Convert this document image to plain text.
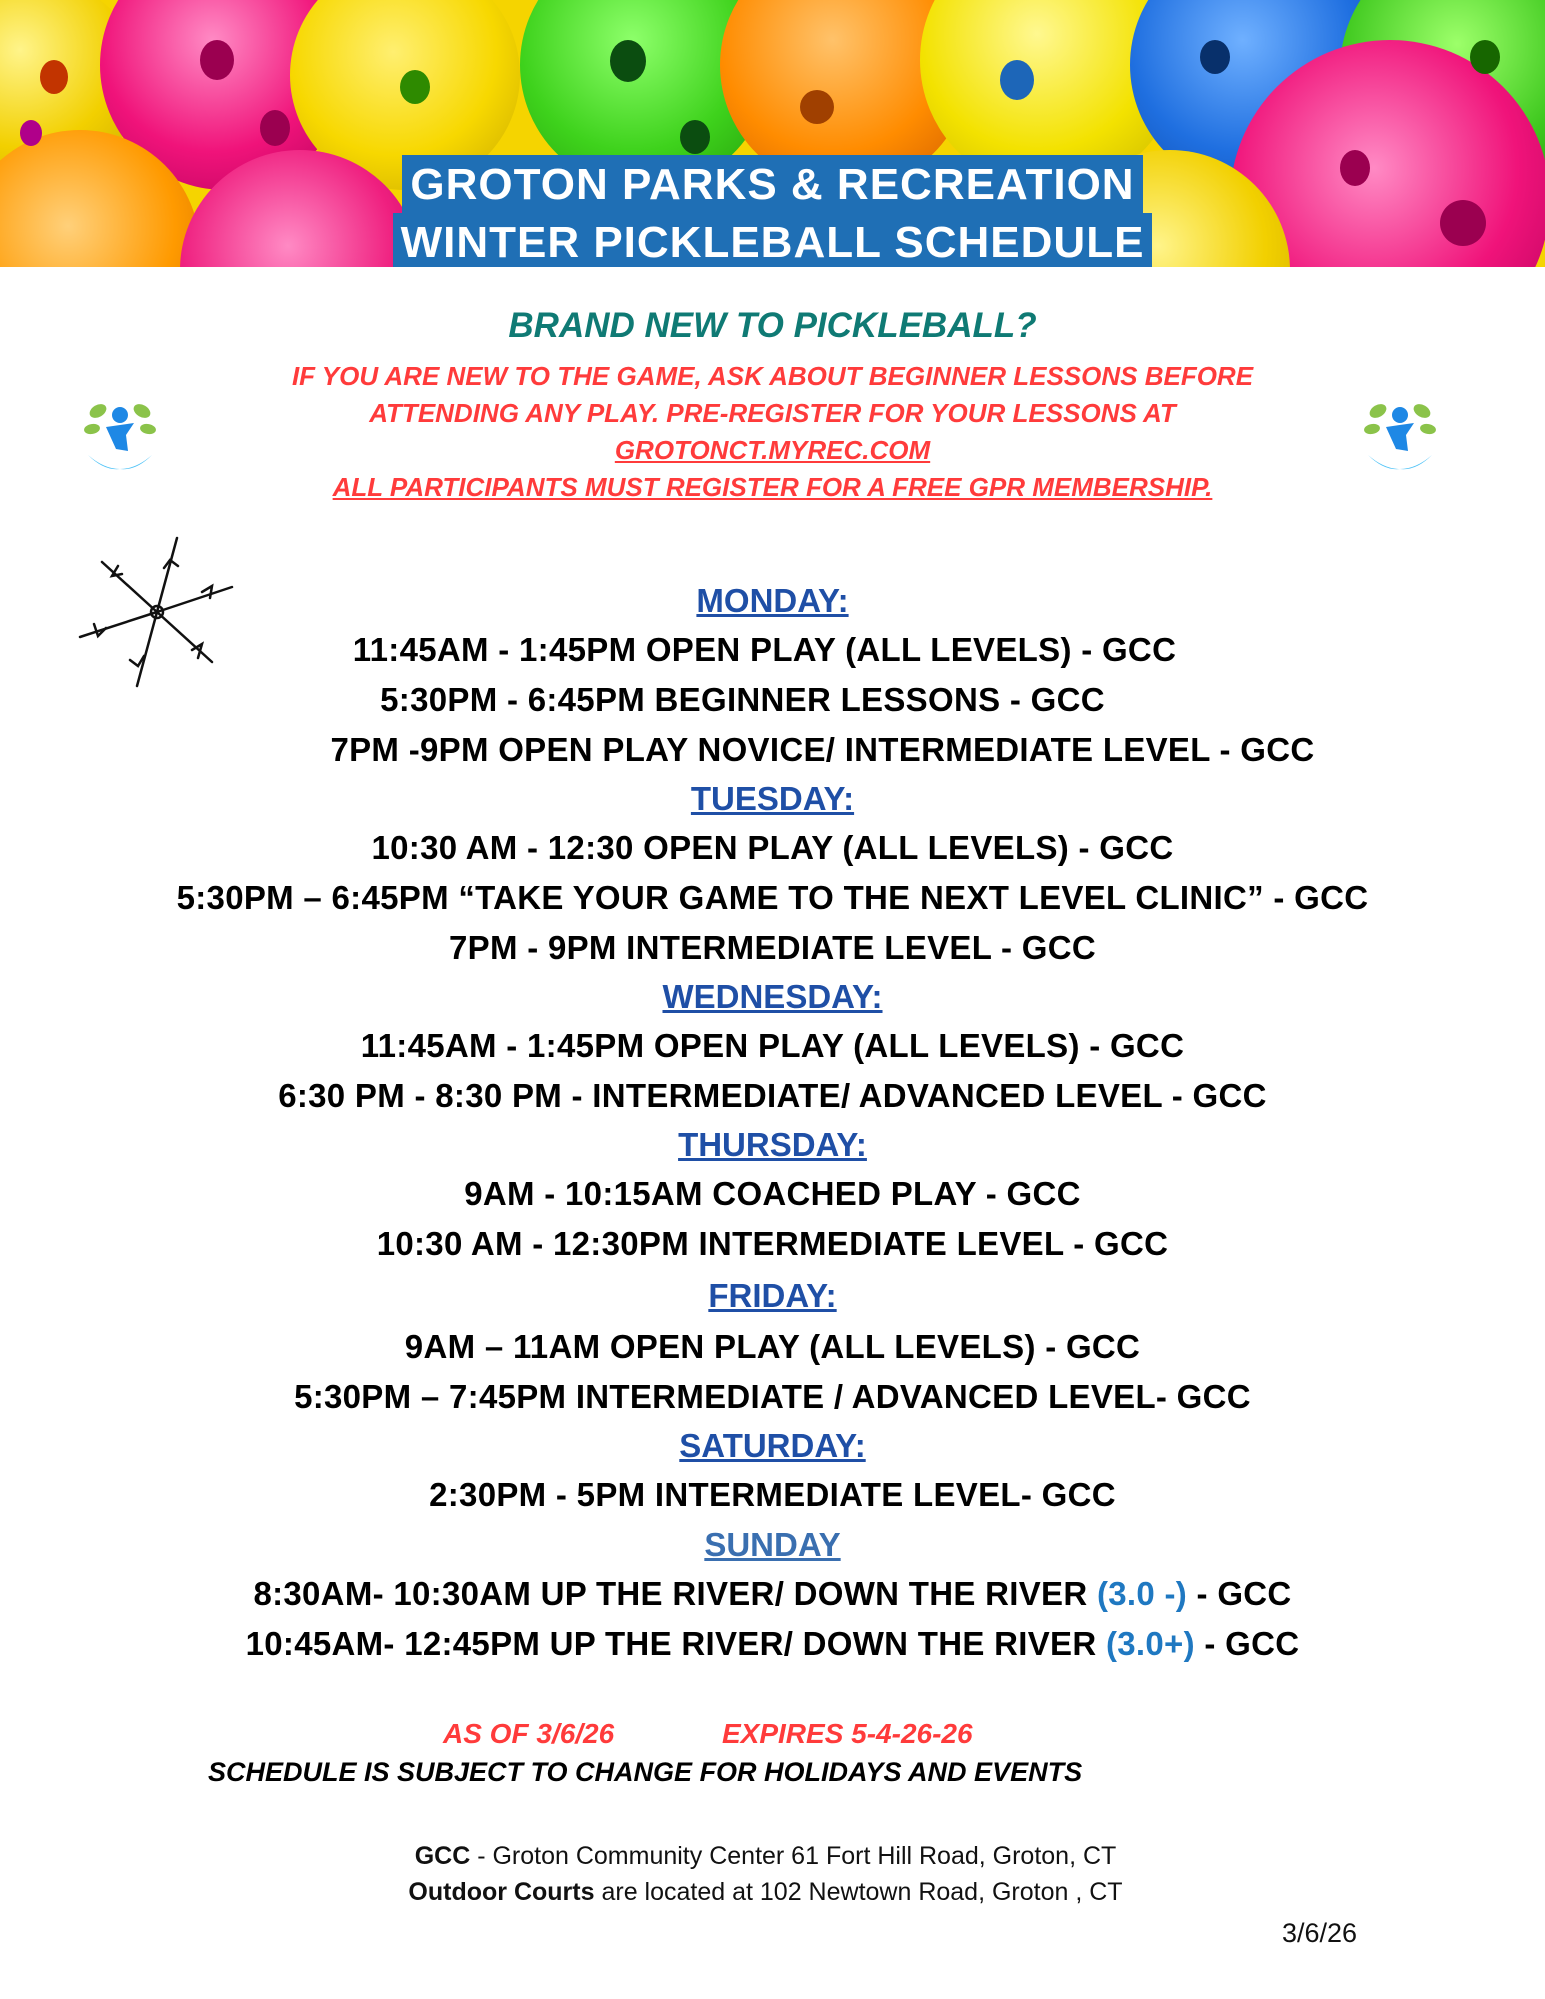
GROTON PARKS & RECREATION
WINTER PICKLEBALL SCHEDULE
BRAND NEW TO PICKLEBALL?
IF YOU ARE NEW TO THE GAME, ASK ABOUT BEGINNER LESSONS BEFORE
ATTENDING ANY PLAY. PRE-REGISTER FOR YOUR LESSONS AT
GROTONCT.MYREC.COM
ALL PARTICIPANTS MUST REGISTER FOR A FREE GPR MEMBERSHIP.
MONDAY:
11:45AM - 1:45PM OPEN PLAY (ALL LEVELS) - GCC
5:30PM - 6:45PM BEGINNER LESSONS - GCC
7PM -9PM OPEN PLAY NOVICE/ INTERMEDIATE LEVEL - GCC
TUESDAY:
10:30 AM - 12:30 OPEN PLAY (ALL LEVELS) - GCC
5:30PM – 6:45PM “TAKE YOUR GAME TO THE NEXT LEVEL CLINIC” - GCC
7PM - 9PM INTERMEDIATE LEVEL - GCC
WEDNESDAY:
11:45AM - 1:45PM OPEN PLAY (ALL LEVELS) - GCC
6:30 PM - 8:30 PM - INTERMEDIATE/ ADVANCED LEVEL - GCC
THURSDAY:
9AM - 10:15AM COACHED PLAY - GCC
10:30 AM - 12:30PM INTERMEDIATE LEVEL - GCC
FRIDAY:
9AM – 11AM OPEN PLAY (ALL LEVELS) - GCC
5:30PM – 7:45PM INTERMEDIATE / ADVANCED LEVEL- GCC
SATURDAY:
2:30PM - 5PM INTERMEDIATE LEVEL- GCC
SUNDAY
8:30AM- 10:30AM UP THE RIVER/ DOWN THE RIVER (3.0 -) - GCC
10:45AM- 12:45PM UP THE RIVER/ DOWN THE RIVER (3.0+) - GCC
AS OF 3/6/26	EXPIRES 5-4-26-26
SCHEDULE IS SUBJECT TO CHANGE FOR HOLIDAYS AND EVENTS
GCC - Groton Community Center 61 Fort Hill Road, Groton, CT
Outdoor Courts are located at 102 Newtown Road, Groton , CT
3/6/26
